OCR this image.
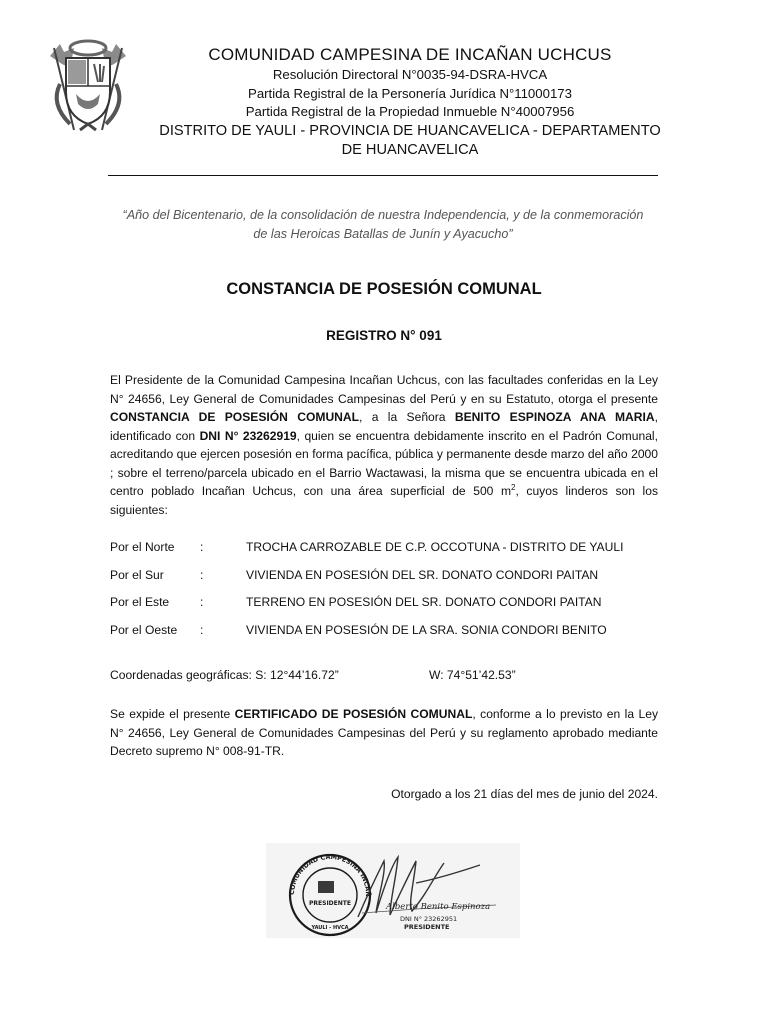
COMUNIDAD CAMPESINA DE INCAÑAN UCHCUS
Resolución Directoral N°0035-94-DSRA-HVCA
Partida Registral de la Personería Jurídica N°11000173
Partida Registral de la Propiedad Inmueble N°40007956
DISTRITO DE YAULI - PROVINCIA DE HUANCAVELICA - DEPARTAMENTO
DE HUANCAVELICA
“Año del Bicentenario, de la consolidación de nuestra Independencia, y de la conmemoración
de las Heroicas Batallas de Junín y Ayacucho”
CONSTANCIA DE POSESIÓN COMUNAL
REGISTRO N° 091
El Presidente de la Comunidad Campesina Incañan Uchcus, con las facultades conferidas en la Ley N° 24656, Ley General de Comunidades Campesinas del Perú y en su Estatuto, otorga el presente CONSTANCIA DE POSESIÓN COMUNAL, a la Señora BENITO ESPINOZA ANA MARIA, identificado con DNI N° 23262919, quien se encuentra debidamente inscrito en el Padrón Comunal, acreditando que ejercen posesión en forma pacífica, pública y permanente desde marzo del año 2000 ; sobre el terreno/parcela ubicado en el Barrio Wactawasi, la misma que se encuentra ubicada en el centro poblado Incañan Uchcus, con una área superficial de 500 $m^2$, cuyos linderos son los siguientes:
Por el Norte :	TROCHA CARROZABLE DE C.P. OCCOTUNA - DISTRITO DE YAULI
Por el Sur	:	VIVIENDA EN POSESIÓN DEL SR. DONATO CONDORI PAITAN
Por el Este	:	TERRENO EN POSESIÓN DEL SR. DONATO CONDORI PAITAN
Por el Oeste :	VIVIENDA EN POSESIÓN DE LA SRA. SONIA CONDORI BENITO
Coordenadas geográficas: S: 12°44’16.72”	W: 74°51’42.53”
Se expide el presente CERTIFICADO DE POSESIÓN COMUNAL, conforme a lo previsto en la Ley N° 24656, Ley General de Comunidades Campesinas del Perú y su reglamento aprobado mediante Decreto supremo N° 008-91-TR.
Otorgado a los 21 días del mes de junio del 2024.
COMUNIDAD CAMPESINA INCAÑ
PRESIDENTE
YAULI - HVCA
Alberto Benito Espinoza
DNI N° 23262951
PRESIDENTE
